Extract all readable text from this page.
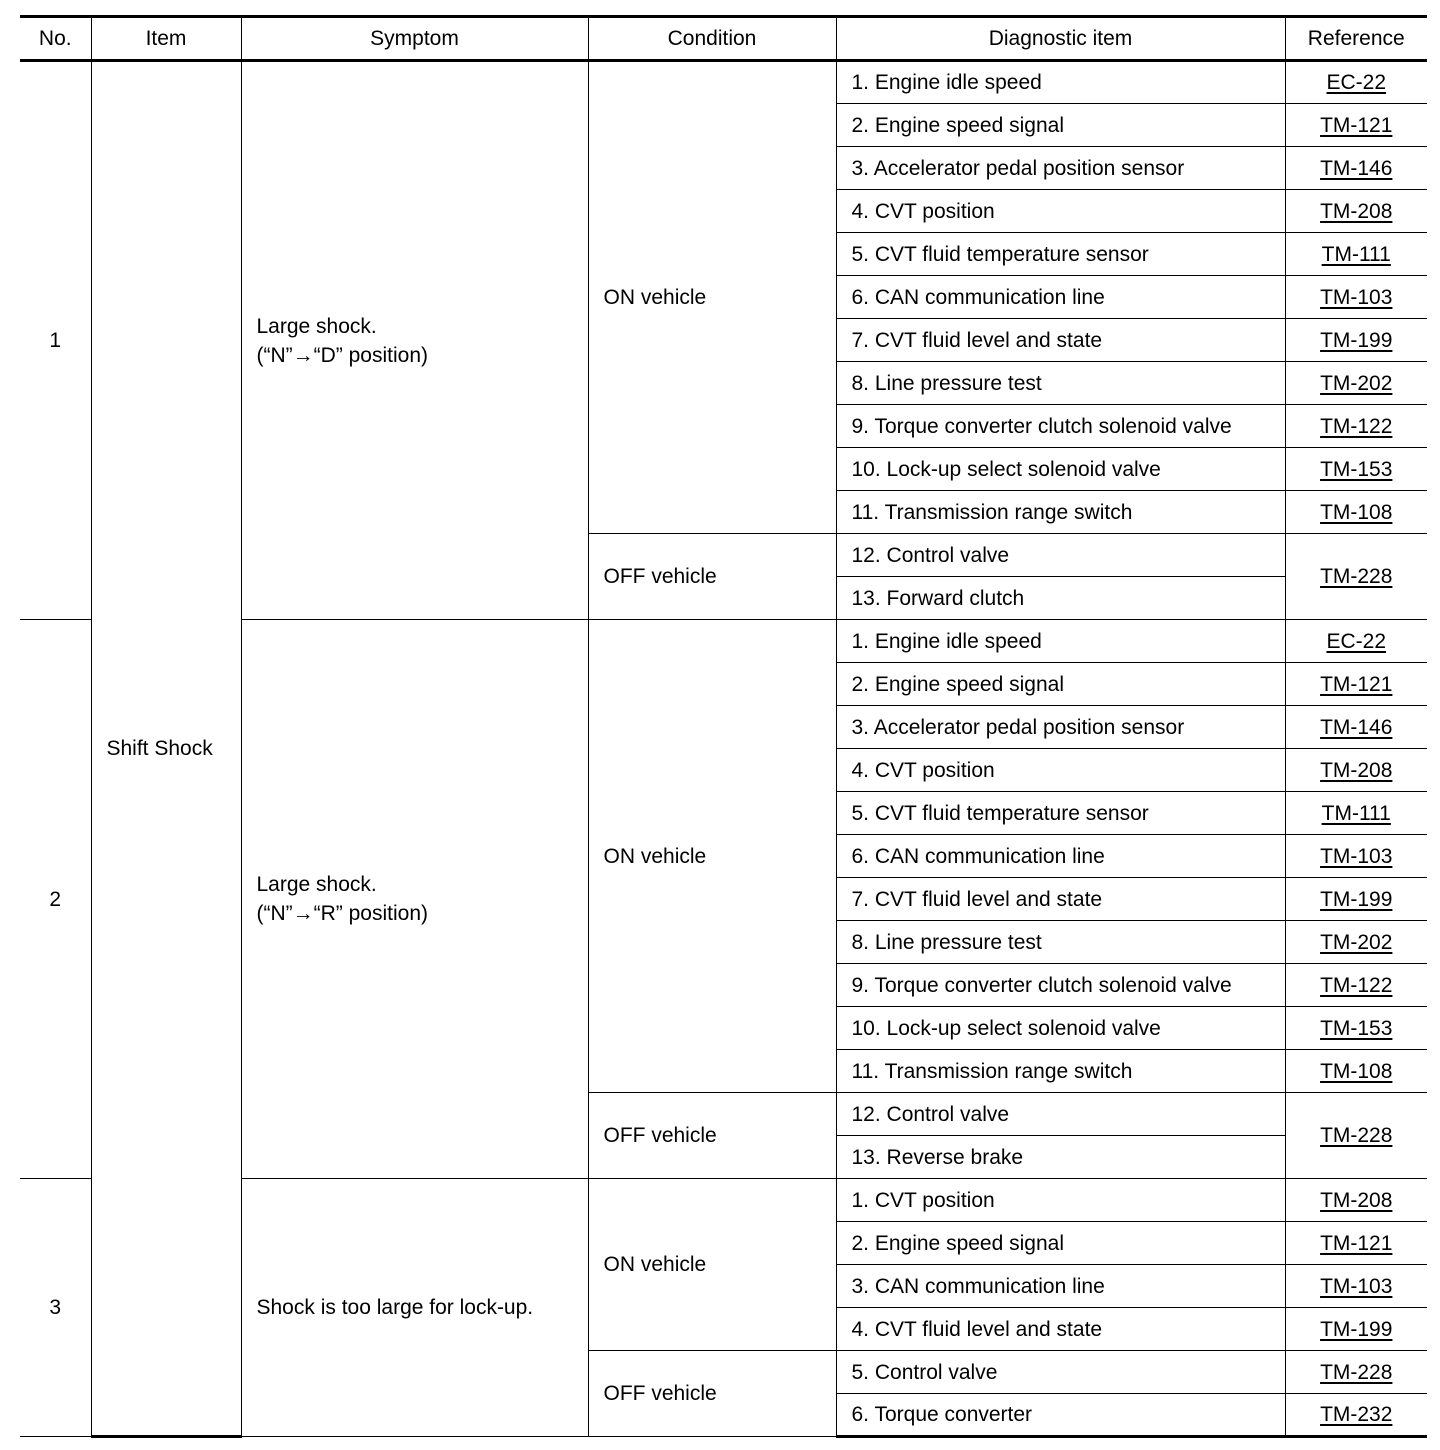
No.	Item	Symptom	Condition	Diagnostic item	Reference
1	Shift Shock	Large shock.
(“N”→“D” position)	ON vehicle	1. Engine idle speed	EC-22
				2. Engine speed signal	TM-121
				3. Accelerator pedal position sensor	TM-146
				4. CVT position	TM-208
				5. CVT fluid temperature sensor	TM-111
				6. CAN communication line	TM-103
				7. CVT fluid level and state	TM-199
				8. Line pressure test	TM-202
				9. Torque converter clutch solenoid valve	TM-122
				10. Lock-up select solenoid valve	TM-153
				11. Transmission range switch	TM-108
			OFF vehicle	12. Control valve	TM-228
				13. Forward clutch	
2		Large shock.
(“N”→“R” position)	ON vehicle	1. Engine idle speed	EC-22
				2. Engine speed signal	TM-121
				3. Accelerator pedal position sensor	TM-146
				4. CVT position	TM-208
				5. CVT fluid temperature sensor	TM-111
				6. CAN communication line	TM-103
				7. CVT fluid level and state	TM-199
				8. Line pressure test	TM-202
				9. Torque converter clutch solenoid valve	TM-122
				10. Lock-up select solenoid valve	TM-153
				11. Transmission range switch	TM-108
			OFF vehicle	12. Control valve	TM-228
				13. Reverse brake	
3		Shock is too large for lock-up.	ON vehicle	1. CVT position	TM-208
				2. Engine speed signal	TM-121
				3. CAN communication line	TM-103
				4. CVT fluid level and state	TM-199
			OFF vehicle	5. Control valve	TM-228
				6. Torque converter	TM-232
